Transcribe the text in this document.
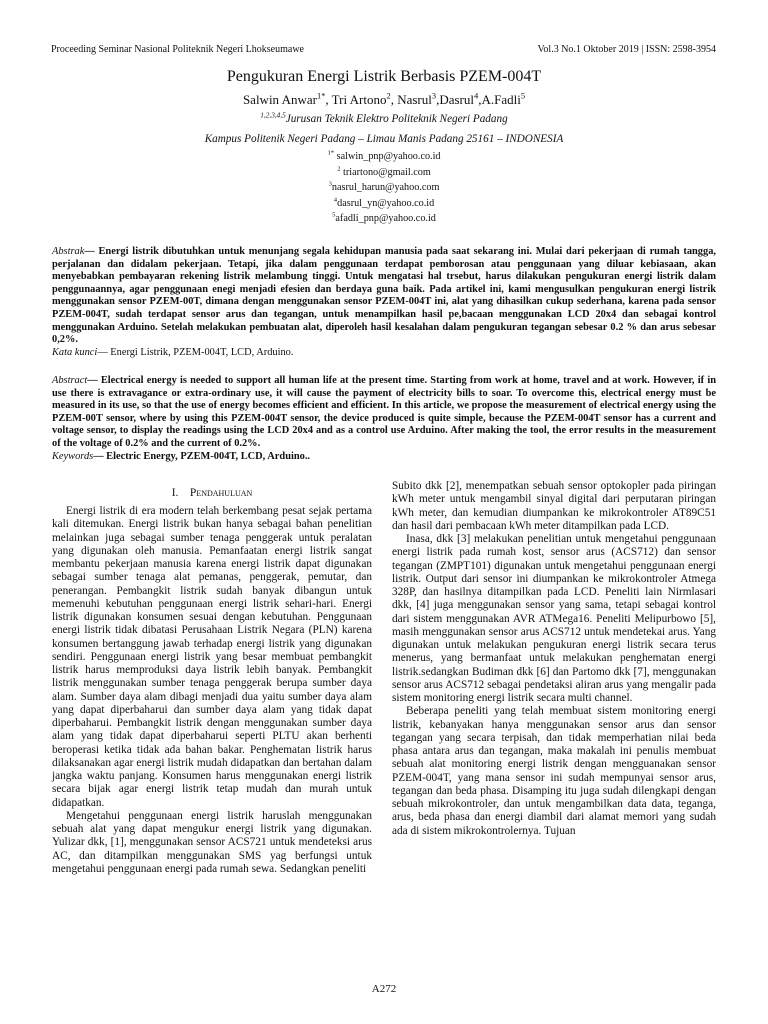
Proceeding Seminar Nasional Politeknik Negeri Lhokseumawe	Vol.3 No.1 Oktober 2019 | ISSN: 2598-3954
Pengukuran Energi Listrik Berbasis PZEM-004T
Salwin Anwar$^{1*}$, Tri Artono$^2$, Nasrul$^3$,Dasrul$^4$,A.Fadli$^5$
$^{1,2,3,4,5}$Jurusan Teknik Elektro Politeknik Negeri Padang
Kampus Politenik Negeri Padang – Limau Manis Padang 25161 – INDONESIA
$^{1*}$ salwin_pnp@yahoo.co.id
$^2$ triartono@gmail.com
$^3$nasrul_harun@yahoo.com
$^4$dasrul_yn@yahoo.co.id
$^5$afadli_pnp@yahoo.co.id
Abstrak— Energi listrik dibutuhkan untuk menunjang segala kehidupan manusia pada saat sekarang ini. Mulai dari pekerjaan di rumah tangga, perjalanan dan didalam pekerjaan. Tetapi, jika dalam penggunaan terdapat pemborosan atau penggunaan yang diluar kebiasaan, akan menyebabkan pembayaran rekening listrik melambung tinggi. Untuk mengatasi hal trsebut, harus dilakukan pengukuran energi listrik dalam penggunaannya, agar penggunaan enegi menjadi efesien dan berdaya guna baik. Pada artikel ini, kami mengusulkan pengukuran energi listrik menggunakan sensor PZEM-00T, dimana dengan menggunakan sensor PZEM-004T ini, alat yang dihasilkan cukup sederhana, karena pada sensor PZEM-004T, sudah terdapat sensor arus dan tegangan, untuk menampilkan hasil pe,bacaan menggunakan LCD 20x4 dan sebagai kontrol menggunakan Arduino. Setelah melakukan pembuatan alat, diperoleh hasil kesalahan dalam pengukuran tegangan sebesar 0.2 % dan arus sebesar 0,2%.
Kata kunci— Energi Listrik, PZEM-004T, LCD, Arduino.
Abstract— Electrical energy is needed to support all human life at the present time. Starting from work at home, travel and at work. However, if in use there is extravagance or extra-ordinary use, it will cause the payment of electricity bills to soar. To overcome this, electrical energy must be measured in its use, so that the use of energy becomes efficient and efficient. In this article, we propose the measurement of electrical energy using the PZEM-00T sensor, where by using this PZEM-004T sensor, the device produced is quite simple, because the PZEM-004T sensor has a current and voltage sensor, to display the readings using the LCD 20x4 and as a control use Arduino. After making the tool, the error results in the measurement of the voltage of 0.2% and the current of 0.2%.
Keywords— Electric Energy, PZEM-004T, LCD, Arduino..
I. Pendahuluan

Energi listrik di era modern telah berkembang pesat sejak pertama kali ditemukan. Energi listrik bukan hanya sebagai bahan penelitian melainkan juga sebagai sumber tenaga penggerak untuk peralatan yang digunakan oleh manusia. Pemanfaatan energi listrik sangat membantu pekerjaan manusia karena energi listrik dapat digunakan sebagai sumber tenaga alat pemanas, penggerak, pemutar, dan penerangan. Pembangkit listrik sudah banyak dibangun untuk memenuhi kebutuhan penggunaan energi listrik sehari-hari. Energi listrik digunakan konsumen sesuai dengan kebutuhan. Penggunaan energi listrik tidak dibatasi Perusahaan Listrik Negara (PLN) karena konsumen bertanggung jawab terhadap energi listrik yang digunakan sendiri. Penggunaan energi listrik yang besar membuat pembangkit listrik harus memproduksi daya listrik lebih banyak. Pembangkit listrik menggunakan sumber tenaga penggerak berupa sumber daya alam. Sumber daya alam dibagi menjadi dua yaitu sumber daya alam yang dapat diperbaharui dan sumber daya alam yang tidak dapat diperbaharui. Pembangkit listrik dengan menggunakan sumber daya alam yang tidak dapat diperbaharui seperti PLTU akan berhenti beroperasi ketika tidak ada bahan bakar. Penghematan listrik harus dilaksanakan agar energi listrik mudah didapatkan dan bertahan dalam jangka waktu panjang. Konsumen harus menggunakan energi listrik secara bijak agar energi listrik tetap mudah dan murah untuk didapatkan.

Mengetahui penggunaan energi listrik haruslah menggunakan sebuah alat yang dapat mengukur energi listrik yang digunakan. Yulizar dkk, [1], menggunakan sensor ACS721 untuk mendeteksi arus AC, dan ditampilkan menggunakan SMS yag berfungsi untuk mengetahui penggunaan energi pada rumah sewa. Sedangkan peneliti

Subito dkk [2], menempatkan sebuah sensor optokopler pada piringan kWh meter untuk mengambil sinyal digital dari perputaran piringan kWh meter, dan kemudian diumpankan ke mikrokontroler AT89C51 dan hasil dari pembacaan kWh meter ditampilkan pada LCD.

Inasa, dkk [3] melakukan penelitian untuk mengetahui penggunaan energi listrik pada rumah kost, sensor arus (ACS712) dan sensor tegangan (ZMPT101) digunakan untuk mengetahui penggunaan energi listrik. Output dari sensor ini diumpankan ke mikrokontroler Atmega 328P, dan hasilnya ditampilkan pada LCD. Peneliti lain Nirmlasari dkk, [4] juga menggunakan sensor yang sama, tetapi sebagai kontrol dari sistem menggunakan AVR ATMega16. Peneliti Melipurbowo [5], masih menggunakan sensor arus ACS712 untuk mendetekai arus. Yang digunakan untuk melakukan pengukuran energi listrik secara terus menerus, yang bermanfaat untuk melakukan penghematan energi listrik.sedangkan Budiman dkk [6] dan Partomo dkk [7], menggunakan sensor arus ACS712 sebagai pendetaksi aliran arus yang mengalir pada sistem monitoring energi listrik secara multi channel.

Beberapa peneliti yang telah membuat sistem monitoring energi listrik, kebanyakan hanya menggunakan sensor arus dan sensor tegangan yang secara terpisah, dan tidak memperhatian nilai beda phasa antara arus dan tegangan, maka makalah ini penulis membuat sebuah alat monitoring energi listrik dengan mengguanakan sensor PZEM-004T, yang mana sensor ini sudah mempunyai sensor arus, tegangan dan beda phasa. Disamping itu juga sudah dilengkapi dengan sebuah mikrokontroler, dan untuk mengambilkan data data, teganga, arus, beda phasa dan energi diambil dari alamat memori yang sudah ada di sistem mikrokontrolernya. Tujuan

A272
